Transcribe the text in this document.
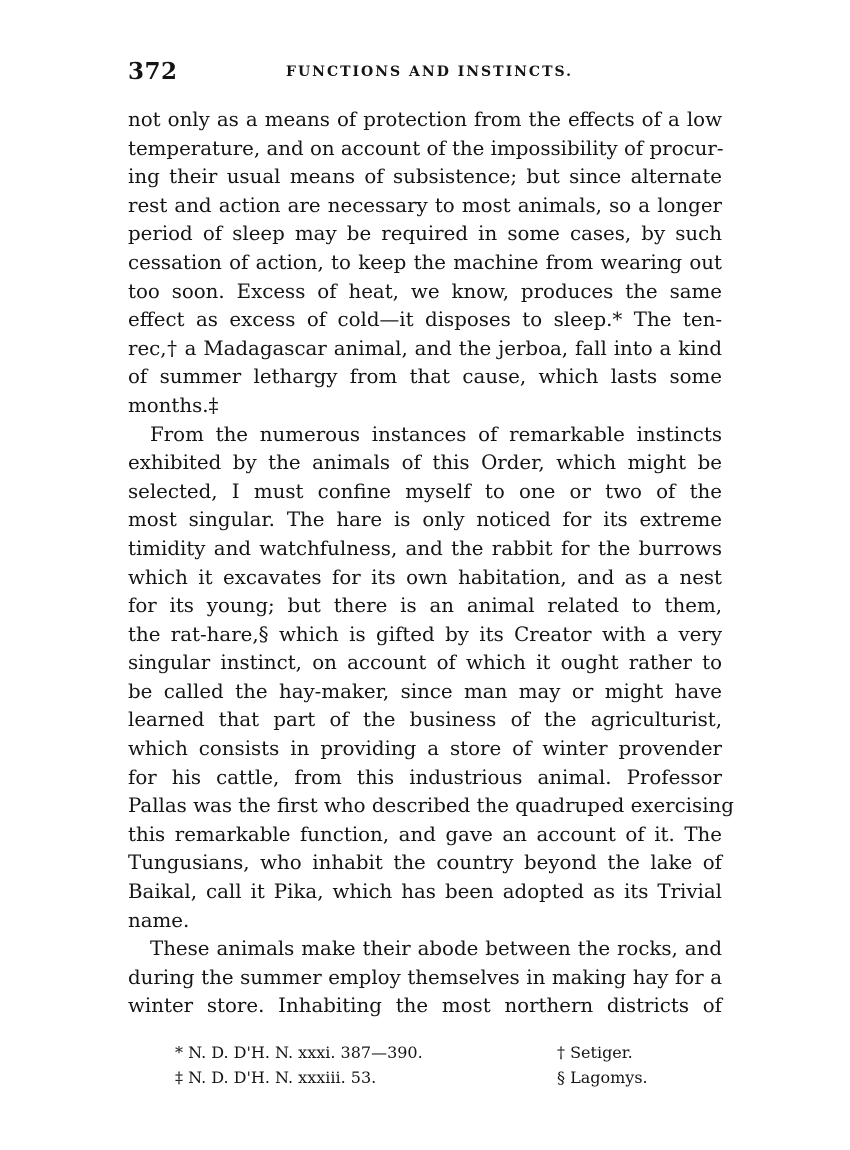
372	FUNCTIONS AND INSTINCTS.
not only as a means of protection from the effects of a low
temperature, and on account of the impossibility of procur-
ing their usual means of subsistence; but since alternate
rest and action are necessary to most animals, so a longer
period of sleep may be required in some cases, by such
cessation of action, to keep the machine from wearing out
too soon. Excess of heat, we know, produces the same
effect as excess of cold—it disposes to sleep.* The ten-
rec,† a Madagascar animal, and the jerboa, fall into a kind
of summer lethargy from that cause, which lasts some
months.‡
From the numerous instances of remarkable instincts
exhibited by the animals of this Order, which might be
selected, I must confine myself to one or two of the
most singular. The hare is only noticed for its extreme
timidity and watchfulness, and the rabbit for the burrows
which it excavates for its own habitation, and as a nest
for its young; but there is an animal related to them,
the rat-hare,§ which is gifted by its Creator with a very
singular instinct, on account of which it ought rather to
be called the hay-maker, since man may or might have
learned that part of the business of the agriculturist,
which consists in providing a store of winter provender
for his cattle, from this industrious animal. Professor
Pallas was the first who described the quadruped exercising
this remarkable function, and gave an account of it. The
Tungusians, who inhabit the country beyond the lake of
Baikal, call it Pika, which has been adopted as its Trivial
name.
These animals make their abode between the rocks, and
during the summer employ themselves in making hay for a
winter store. Inhabiting the most northern districts of
* N. D. D'H. N. xxxi. 387—390.	† Setiger.
‡ N. D. D'H. N. xxxiii. 53.	§ Lagomys.
